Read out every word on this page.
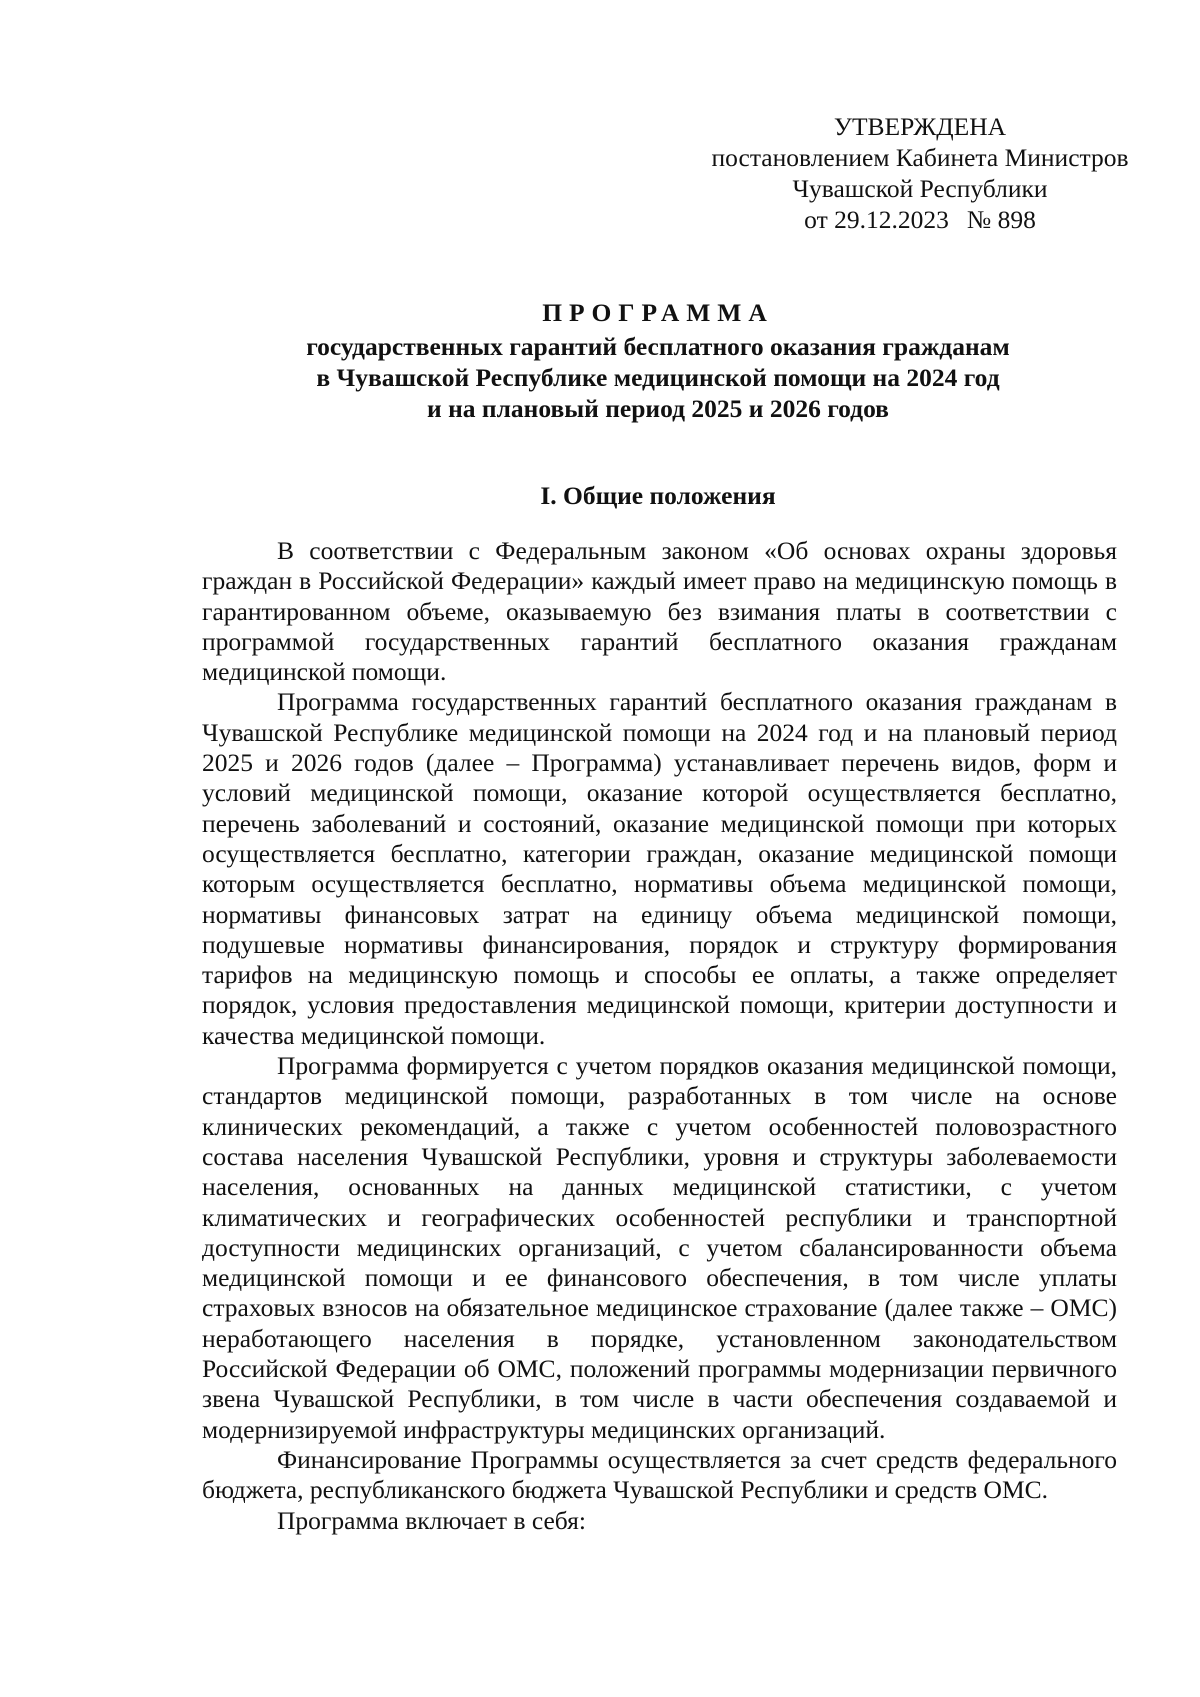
УТВЕРЖДЕНА
постановлением Кабинета Министров
Чувашской Республики
от 29.12.2023 № 898
ПРОГРАММА
государственных гарантий бесплатного оказания гражданам
в Чувашской Республике медицинской помощи на 2024 год
и на плановый период 2025 и 2026 годов
I. Общие положения

В соответствии с Федеральным законом «Об основах охраны здоровья граждан в Российской Федерации» каждый имеет право на медицинскую помощь в гарантированном объеме, оказываемую без взимания платы в соответствии с программой государственных гарантий бесплатного оказания гражданам медицинской помощи.

Программа государственных гарантий бесплатного оказания гражданам в Чувашской Республике медицинской помощи на 2024 год и на плановый период 2025 и 2026 годов (далее – Программа) устанавливает перечень видов, форм и условий медицинской помощи, оказание которой осуществляется бесплатно, перечень заболеваний и состояний, оказание медицинской помощи при которых осуществляется бесплатно, категории граждан, оказание медицинской помощи которым осуществляется бесплатно, нормативы объема медицинской помощи, нормативы финансовых затрат на единицу объема медицинской помощи, подушевые нормативы финансирования, порядок и структуру формирования тарифов на медицинскую помощь и способы ее оплаты, а также определяет порядок, условия предоставления медицинской помощи, критерии доступности и качества медицинской помощи.

Программа формируется с учетом порядков оказания медицинской помощи, стандартов медицинской помощи, разработанных в том числе на основе клинических рекомендаций, а также с учетом особенностей половозрастного состава населения Чувашской Республики, уровня и структуры заболеваемости населения, основанных на данных медицинской статистики, с учетом климатических и географических особенностей республики и транспортной доступности медицинских организаций, с учетом сбалансированности объема медицинской помощи и ее финансового обеспечения, в том числе уплаты страховых взносов на обязательное медицинское страхование (далее также – ОМС) неработающего населения в порядке, установленном законодательством Российской Федерации об ОМС, положений программы модернизации первичного звена Чувашской Республики, в том числе в части обеспечения создаваемой и модернизируемой инфраструктуры медицинских организаций.

Финансирование Программы осуществляется за счет средств федерального бюджета, республиканского бюджета Чувашской Республики и средств ОМС.

Программа включает в себя:
